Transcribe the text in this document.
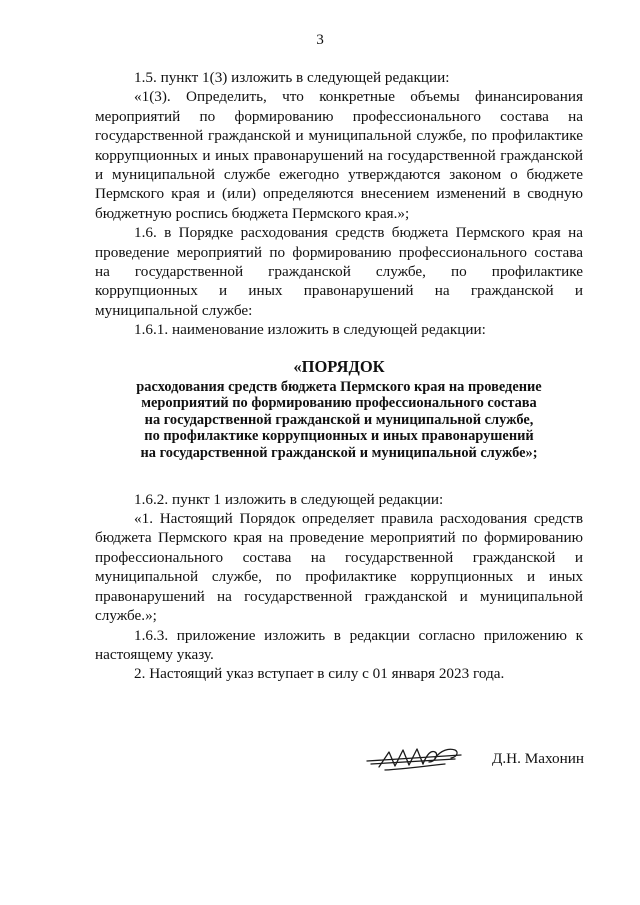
3

1.5. пункт 1(3) изложить в следующей редакции:

«1(3). Определить, что конкретные объемы финансирования мероприятий по формированию профессионального состава на государственной гражданской и муниципальной службе, по профилактике коррупционных и иных правонарушений на государственной гражданской и муниципальной службе ежегодно утверждаются законом о бюджете Пермского края и (или) определяются внесением изменений в сводную бюджетную роспись бюджета Пермского края.»;

1.6. в Порядке расходования средств бюджета Пермского края на проведение мероприятий по формированию профессионального состава на государственной гражданской службе, по профилактике коррупционных и иных правонарушений на гражданской и муниципальной службе:

1.6.1. наименование изложить в следующей редакции:

«ПОРЯДОК
расходования средств бюджета Пермского края на проведение
мероприятий по формированию профессионального состава
на государственной гражданской и муниципальной службе,
по профилактике коррупционных и иных правонарушений
на государственной гражданской и муниципальной службе»;

1.6.2. пункт 1 изложить в следующей редакции:

«1. Настоящий Порядок определяет правила расходования средств бюджета Пермского края на проведение мероприятий по формированию профессионального состава на государственной гражданской и муниципальной службе, по профилактике коррупционных и иных правонарушений на государственной гражданской и муниципальной службе.»;

1.6.3. приложение изложить в редакции согласно приложению к настоящему указу.

2. Настоящий указ вступает в силу с 01 января 2023 года.

Д.Н. Махонин
